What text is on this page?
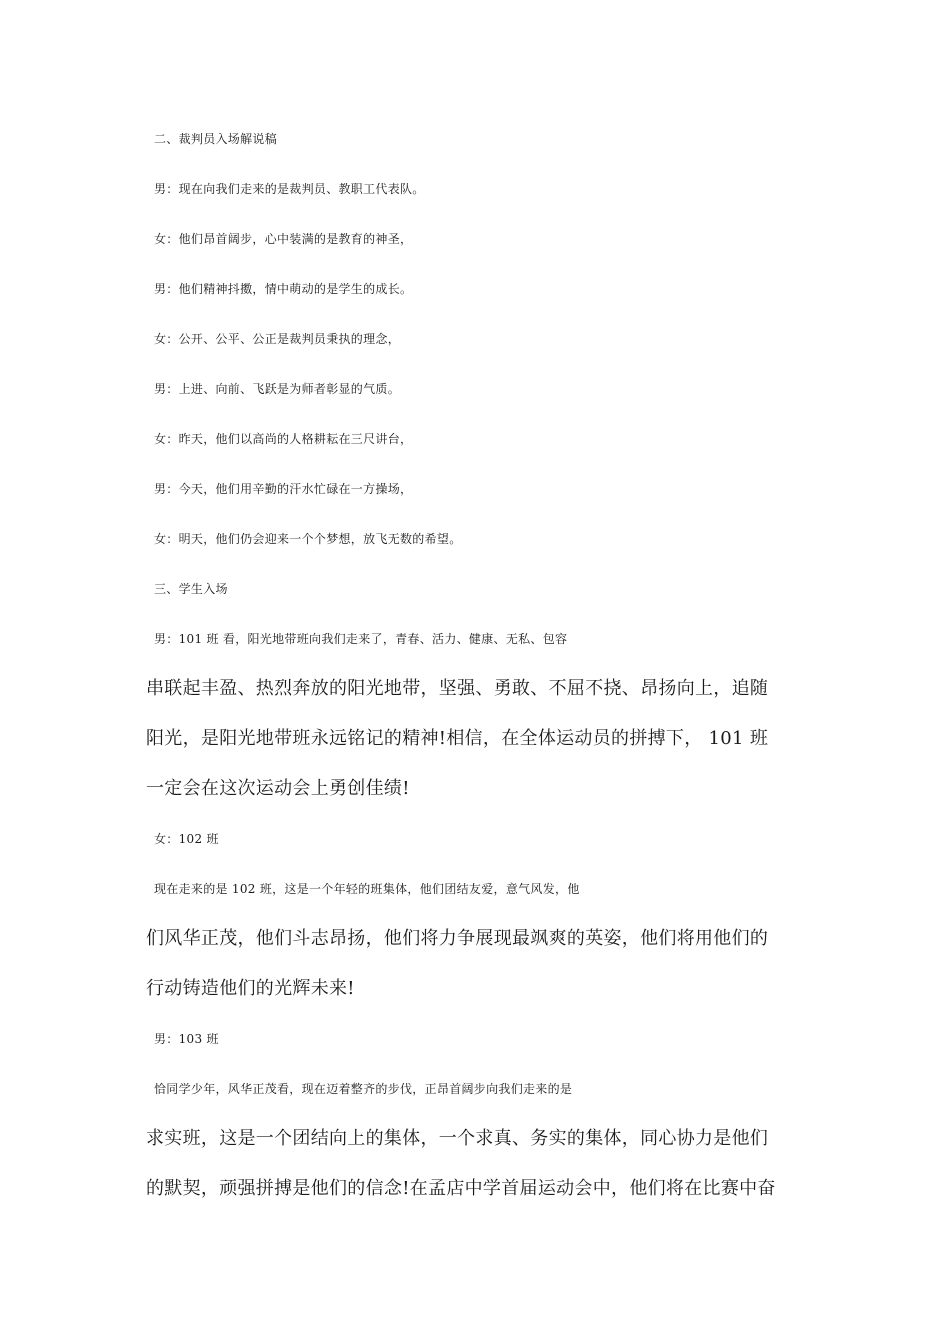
二、裁判员入场解说稿
男：现在向我们走来的是裁判员、教职工代表队。
女：他们昂首阔步，心中装满的是教育的神圣，
男：他们精神抖擞，情中萌动的是学生的成长。
女：公开、公平、公正是裁判员秉执的理念，
男：上进、向前、飞跃是为师者彰显的气质。
女：昨天，他们以高尚的人格耕耘在三尺讲台，
男：今天，他们用辛勤的汗水忙碌在一方操场，
女：明天，他们仍会迎来一个个梦想，放飞无数的希望。
三、学生入场
男：101 班 看，阳光地带班向我们走来了，青春、活力、健康、无私、包容
串联起丰盈、热烈奔放的阳光地带，坚强、勇敢、不屈不挠、昂扬向上，追随
阳光，是阳光地带班永远铭记的精神!相信，在全体运动员的拼搏下， 101 班
一定会在这次运动会上勇创佳绩!
女：102 班
现在走来的是 102 班，这是一个年轻的班集体，他们团结友爱，意气风发，他
们风华正茂，他们斗志昂扬，他们将力争展现最飒爽的英姿，他们将用他们的
行动铸造他们的光辉未来!
男：103 班
恰同学少年，风华正茂看，现在迈着整齐的步伐，正昂首阔步向我们走来的是
求实班，这是一个团结向上的集体，一个求真、务实的集体，同心协力是他们
的默契，顽强拼搏是他们的信念!在孟店中学首届运动会中，他们将在比赛中奋
